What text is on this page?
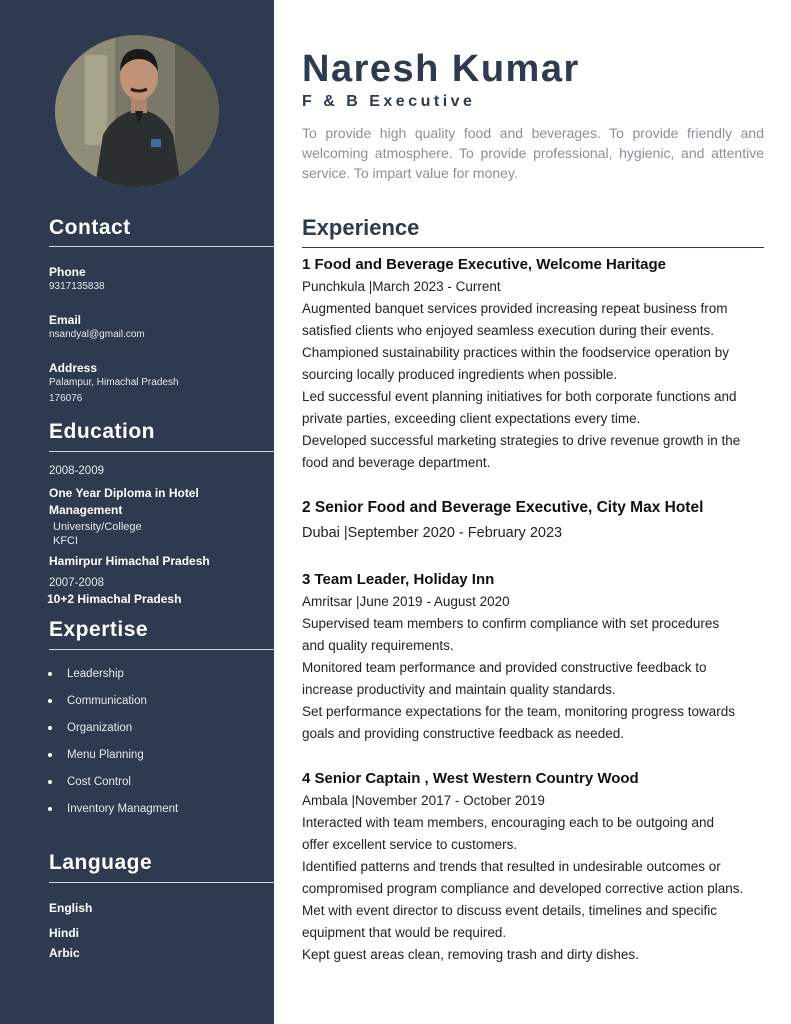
Contact
Phone
9317135838
Email
nsandyal@gmail.com
Address
Palampur, Himachal Pradesh
176076
Education
2008-2009
One Year Diploma in Hotel
Management
University/College
KFCI
Hamirpur Himachal Pradesh
2007-2008
10+2 Himachal Pradesh
Expertise
Leadership
Communication
Organization
Menu Planning
Cost Control
Inventory Managment
Language
English
Hindi
Arbic
Naresh Kumar
F & B Executive
To provide high quality food and beverages. To provide friendly and welcoming atmosphere. To provide professional, hygienic, and attentive service. To impart value for money.
Experience
1 Food and Beverage Executive, Welcome Haritage
Punchkula |March 2023 - Current
Augmented banquet services provided increasing repeat business from
satisfied clients who enjoyed seamless execution during their events.
Championed sustainability practices within the foodservice operation by
sourcing locally produced ingredients when possible.
Led successful event planning initiatives for both corporate functions and
private parties, exceeding client expectations every time.
Developed successful marketing strategies to drive revenue growth in the
food and beverage department.
2 Senior Food and Beverage Executive, City Max Hotel
Dubai |September 2020 - February 2023
3 Team Leader, Holiday Inn
Amritsar |June 2019 - August 2020
Supervised team members to confirm compliance with set procedures
and quality requirements.
Monitored team performance and provided constructive feedback to
increase productivity and maintain quality standards.
Set performance expectations for the team, monitoring progress towards
goals and providing constructive feedback as needed.
4 Senior Captain , West Western Country Wood
Ambala |November 2017 - October 2019
Interacted with team members, encouraging each to be outgoing and
offer excellent service to customers.
Identified patterns and trends that resulted in undesirable outcomes or
compromised program compliance and developed corrective action plans.
Met with event director to discuss event details, timelines and specific
equipment that would be required.
Kept guest areas clean, removing trash and dirty dishes.
